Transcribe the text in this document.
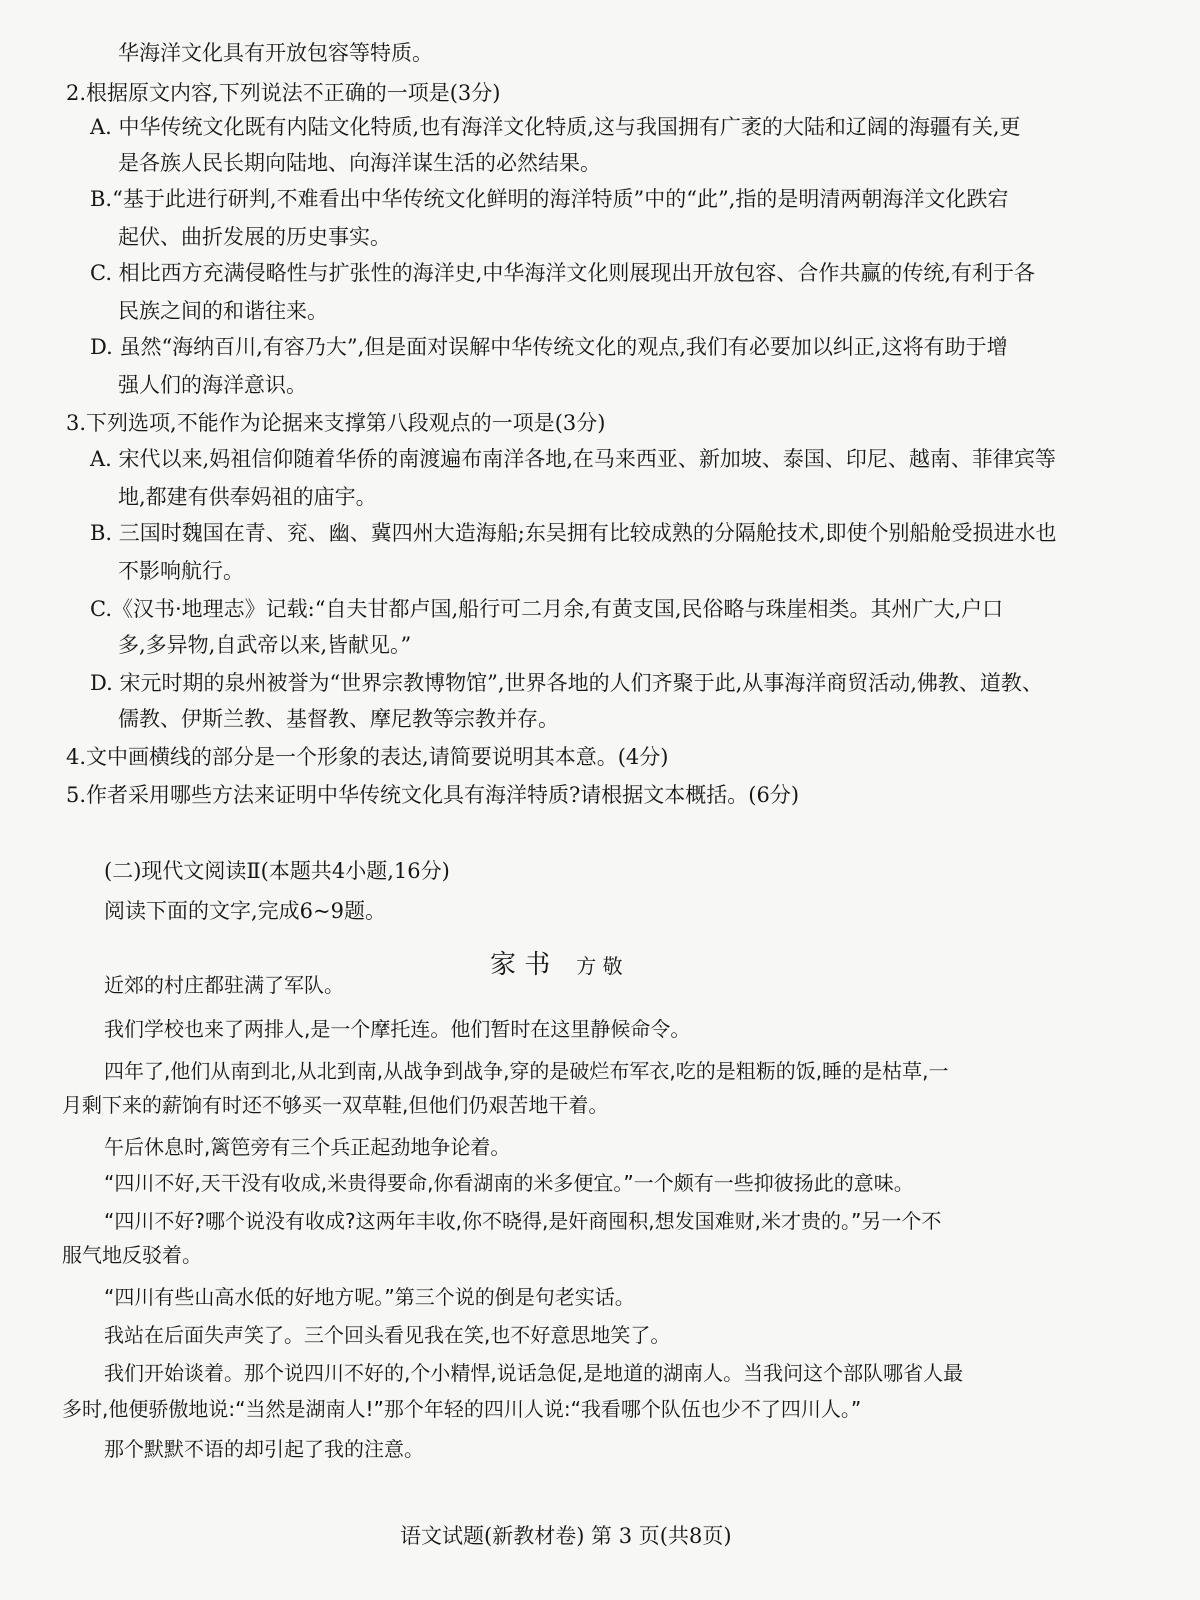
华海洋文化具有开放包容等特质。
2.根据原文内容,下列说法不正确的一项是(3分)
A. 中华传统文化既有内陆文化特质,也有海洋文化特质,这与我国拥有广袤的大陆和辽阔的海疆有关,更
是各族人民长期向陆地、向海洋谋生活的必然结果。
B.“基于此进行研判,不难看出中华传统文化鲜明的海洋特质”中的“此”,指的是明清两朝海洋文化跌宕
起伏、曲折发展的历史事实。
C. 相比西方充满侵略性与扩张性的海洋史,中华海洋文化则展现出开放包容、合作共赢的传统,有利于各
民族之间的和谐往来。
D. 虽然“海纳百川,有容乃大”,但是面对误解中华传统文化的观点,我们有必要加以纠正,这将有助于增
强人们的海洋意识。
3.下列选项,不能作为论据来支撑第八段观点的一项是(3分)
A. 宋代以来,妈祖信仰随着华侨的南渡遍布南洋各地,在马来西亚、新加坡、泰国、印尼、越南、菲律宾等
地,都建有供奉妈祖的庙宇。
B. 三国时魏国在青、兖、幽、冀四州大造海船;东吴拥有比较成熟的分隔舱技术,即使个别船舱受损进水也
不影响航行。
C.《汉书·地理志》记载:“自夫甘都卢国,船行可二月余,有黄支国,民俗略与珠崖相类。其州广大,户口
多,多异物,自武帝以来,皆献见。”
D. 宋元时期的泉州被誉为“世界宗教博物馆”,世界各地的人们齐聚于此,从事海洋商贸活动,佛教、道教、
儒教、伊斯兰教、基督教、摩尼教等宗教并存。
4.文中画横线的部分是一个形象的表达,请简要说明其本意。(4分)
5.作者采用哪些方法来证明中华传统文化具有海洋特质?请根据文本概括。(6分)
(二)现代文阅读Ⅱ(本题共4小题,16分)
阅读下面的文字,完成6~9题。
家 书 方 敬
近郊的村庄都驻满了军队。
我们学校也来了两排人,是一个摩托连。他们暂时在这里静候命令。
四年了,他们从南到北,从北到南,从战争到战争,穿的是破烂布军衣,吃的是粗粝的饭,睡的是枯草,一
月剩下来的薪饷有时还不够买一双草鞋,但他们仍艰苦地干着。
午后休息时,篱笆旁有三个兵正起劲地争论着。
“四川不好,天干没有收成,米贵得要命,你看湖南的米多便宜。”一个颇有一些抑彼扬此的意味。
“四川不好?哪个说没有收成?这两年丰收,你不晓得,是奸商囤积,想发国难财,米才贵的。”另一个不
服气地反驳着。
“四川有些山高水低的好地方呢。”第三个说的倒是句老实话。
我站在后面失声笑了。三个回头看见我在笑,也不好意思地笑了。
我们开始谈着。那个说四川不好的,个小精悍,说话急促,是地道的湖南人。当我问这个部队哪省人最
多时,他便骄傲地说:“当然是湖南人!”那个年轻的四川人说:“我看哪个队伍也少不了四川人。”
那个默默不语的却引起了我的注意。
语文试题(新教材卷) 第 3 页(共8页)
